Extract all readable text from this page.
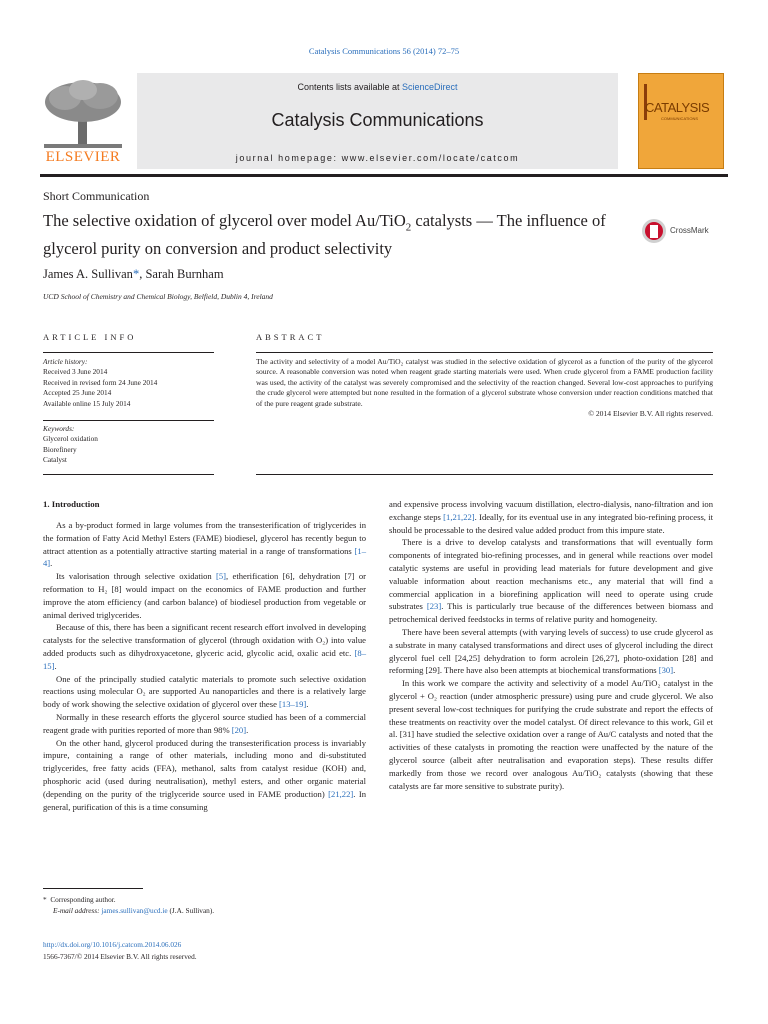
Catalysis Communications 56 (2014) 72–75
ELSEVIER
Contents lists available at ScienceDirect
Catalysis Communications
journal homepage: www.elsevier.com/locate/catcom
CATALYSIS
COMMUNICATIONS
Short Communication
The selective oxidation of glycerol over model Au/TiO$_2$ catalysts — The influence of glycerol purity on conversion and product selectivity
CrossMark
James A. Sullivan*, Sarah Burnham
UCD School of Chemistry and Chemical Biology, Belfield, Dublin 4, Ireland
ARTICLE INFO	ABSTRACT
Article history:
Received 3 June 2014
Received in revised form 24 June 2014
Accepted 25 June 2014
Available online 15 July 2014
Keywords:
Glycerol oxidation
Biorefinery
Catalyst
The activity and selectivity of a model Au/TiO₂ catalyst was studied in the selective oxidation of glycerol as a function of the purity of the glycerol source. A reasonable conversion was noted when reagent grade starting materials were used. When crude glycerol from a FAME production facility was used, the activity of the catalyst was severely compromised and the selectivity of the reaction changed. Several low-cost approaches to purifying the crude glycerol were attempted but none resulted in the formation of a glycerol substrate whose conversion under reaction conditions matched that of the pure reagent grade substrate.
© 2014 Elsevier B.V. All rights reserved.
1. Introduction

As a by-product formed in large volumes from the transesterification of triglycerides in the formation of Fatty Acid Methyl Esters (FAME) biodiesel, glycerol has recently begun to attract attention as a potentially attractive starting material in a range of transformations [1–4].

Its valorisation through selective oxidation [5], etherification [6], dehydration [7] or reformation to H₂ [8] would impact on the economics of FAME production and further improve the atom efficiency (and carbon balance) of biodiesel production from vegetable or animal derived triglycerides.

Because of this, there has been a significant recent research effort involved in developing catalysts for the selective transformation of glycerol (through oxidation with O₂) into value added products such as dihydroxyacetone, glyceric acid, glycolic acid, oxalic acid etc. [8–15].

One of the principally studied catalytic materials to promote such selective oxidation reactions using molecular O₂ are supported Au nanoparticles and there is a relatively large body of work showing the selective oxidation of glycerol over these [13–19].

Normally in these research efforts the glycerol source studied has been of a commercial reagent grade with purities reported of more than 98% [20].

On the other hand, glycerol produced during the transesterification process is invariably impure, containing a range of other materials, including mono and di-substituted triglycerides, free fatty acids (FFA), methanol, salts from catalyst residue (KOH) and, phosphoric acid (used during neutralisation), methyl esters, and other organic material (depending on the purity of the triglyceride source used in FAME production) [21,22]. In general, purification of this is a time consuming

and expensive process involving vacuum distillation, electro-dialysis, nano-filtration and ion exchange steps [1,21,22]. Ideally, for its eventual use in any integrated bio-refining process, it should be processable to the desired value added product from this impure state.

There is a drive to develop catalysts and transformations that will eventually form components of integrated bio-refining processes, and in general while reactions over model catalytic systems are useful in providing lead materials for future development and give valuable information about reaction mechanisms etc., any material that will find a commercial application in a biorefining application will need to operate using crude substrates [23]. This is particularly true because of the differences between biomass and petrochemical derived feedstocks in terms of relative purity and homogeneity.

There have been several attempts (with varying levels of success) to use crude glycerol as a substrate in many catalysed transformations and direct uses of glycerol including the direct glycerol fuel cell [24,25] dehydration to form acrolein [26,27], photo-oxidation [28] and reforming [29]. There have also been attempts at biochemical transformations [30].

In this work we compare the activity and selectivity of a model Au/TiO₂ catalyst in the glycerol + O₂ reaction (under atmospheric pressure) using pure and crude glycerol. We also present several low-cost techniques for purifying the crude substrate and report the effects of these treatments on reactivity over the model catalyst. Of direct relevance to this work, Gil et al. [31] have studied the selective oxidation over a range of Au/C catalysts and noted that the activities of these catalysts in promoting the reaction were unaffected by the nature of the glycerol source (albeit after neutralisation and evaporation steps). These results differ markedly from those we record over analogous Au/TiO₂ catalysts (showing that these catalysts are far more sensitive to substrate purity).

* Corresponding author.
E-mail address: james.sullivan@ucd.ie (J.A. Sullivan).
http://dx.doi.org/10.1016/j.catcom.2014.06.026
1566-7367/© 2014 Elsevier B.V. All rights reserved.
